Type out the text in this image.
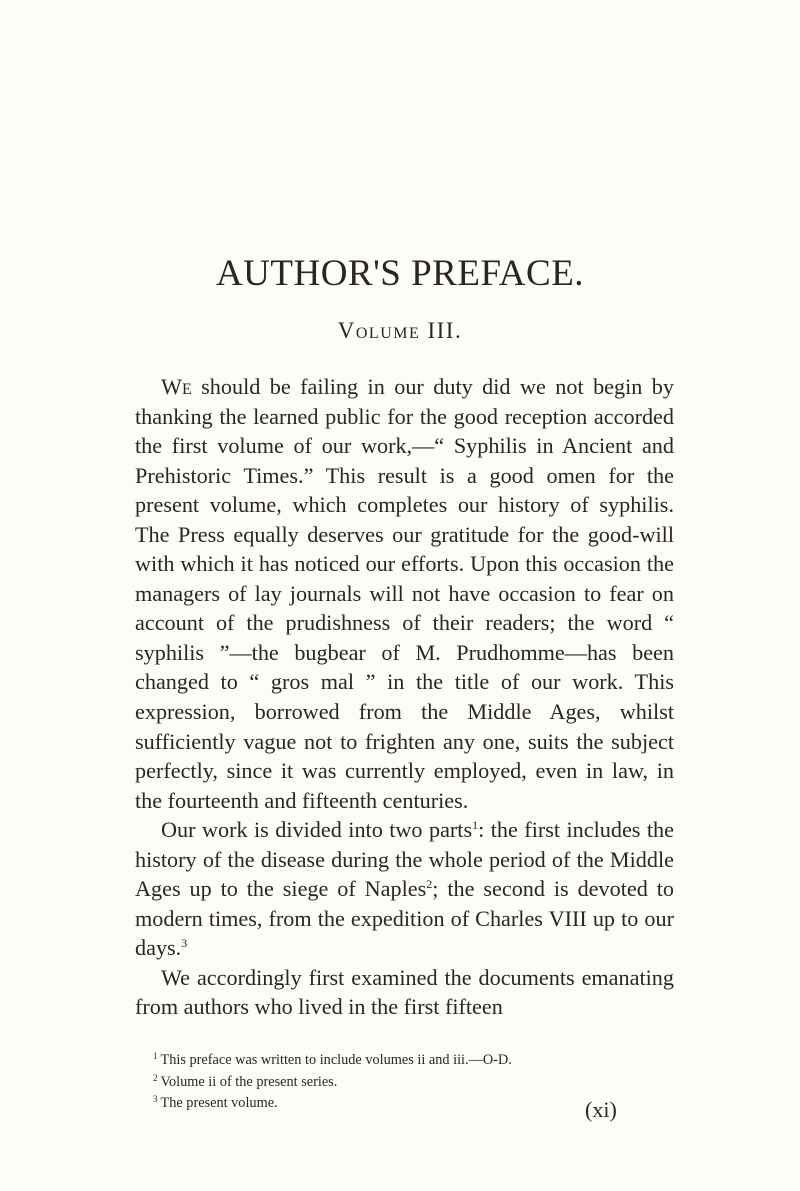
AUTHOR'S PREFACE.
Volume III.

We should be failing in our duty did we not begin by thanking the learned public for the good reception accorded the first volume of our work,—“ Syphilis in Ancient and Prehistoric Times.” This result is a good omen for the present volume, which completes our history of syphilis. The Press equally deserves our gratitude for the good-will with which it has noticed our efforts. Upon this occasion the managers of lay journals will not have occasion to fear on account of the prudishness of their readers; the word “ syphilis ”—the bugbear of M. Prudhomme—has been changed to “ gros mal ” in the title of our work. This expression, borrowed from the Middle Ages, whilst sufficiently vague not to frighten any one, suits the subject perfectly, since it was currently employed, even in law, in the fourteenth and fifteenth centuries.

Our work is divided into two parts$^1$: the first includes the history of the disease during the whole period of the Middle Ages up to the siege of Naples$^2$; the second is devoted to modern times, from the expedition of Charles VIII up to our days.$^3$

We accordingly first examined the documents emanating from authors who lived in the first fifteen

$^1$ This preface was written to include volumes ii and iii.—O-D.
$^2$ Volume ii of the present series.
$^3$ The present volume.	(xi)
